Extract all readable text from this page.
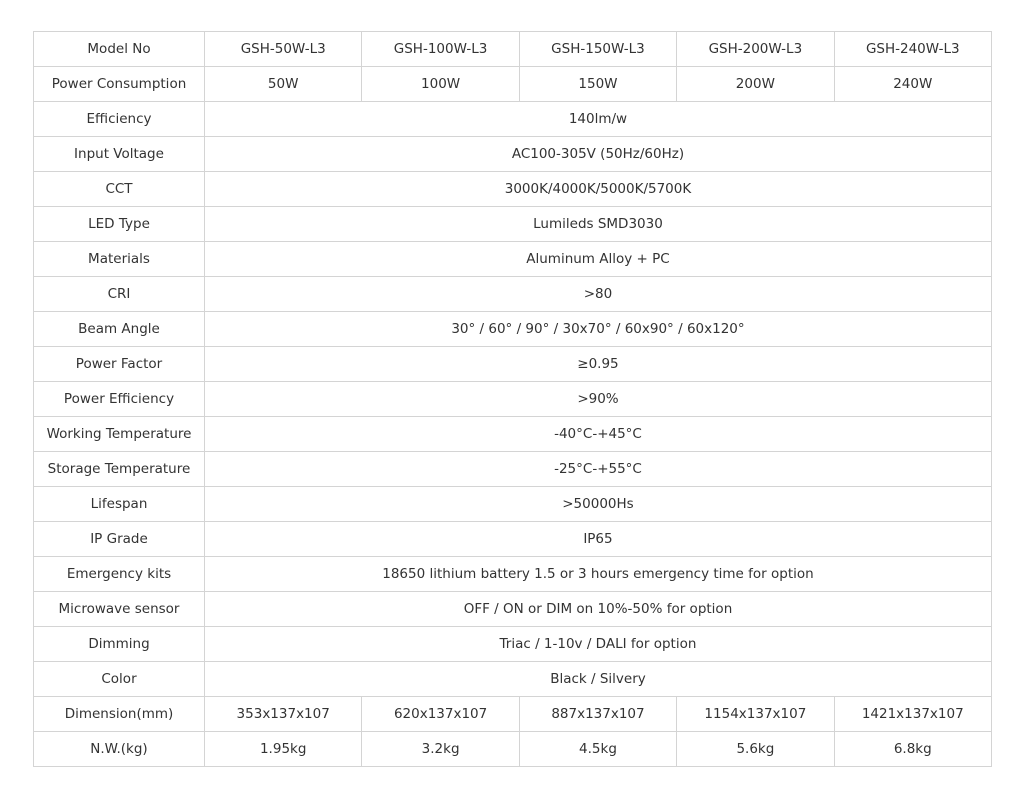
Model No	GSH-50W-L3	GSH-100W-L3	GSH-150W-L3	GSH-200W-L3	GSH-240W-L3
Power Consumption	50W	100W	150W	200W	240W
Efficiency	140lm/w				
Input Voltage	AC100-305V (50Hz/60Hz)				
CCT	3000K/4000K/5000K/5700K				
LED Type	Lumileds SMD3030				
Materials	Aluminum Alloy + PC				
CRI	>80				
Beam Angle	30° / 60° / 90° / 30x70° / 60x90° / 60x120°				
Power Factor	≥0.95				
Power Efficiency	>90%				
Working Temperature	-40°C-+45°C				
Storage Temperature	-25°C-+55°C				
Lifespan	>50000Hs				
IP Grade	IP65				
Emergency kits	18650 lithium battery 1.5 or 3 hours emergency time for option				
Microwave sensor	OFF / ON or DIM on 10%-50% for option				
Dimming	Triac / 1-10v / DALI for option				
Color	Black / Silvery				
Dimension(mm)	353x137x107	620x137x107	887x137x107	1154x137x107	1421x137x107
N.W.(kg)	1.95kg	3.2kg	4.5kg	5.6kg	6.8kg
